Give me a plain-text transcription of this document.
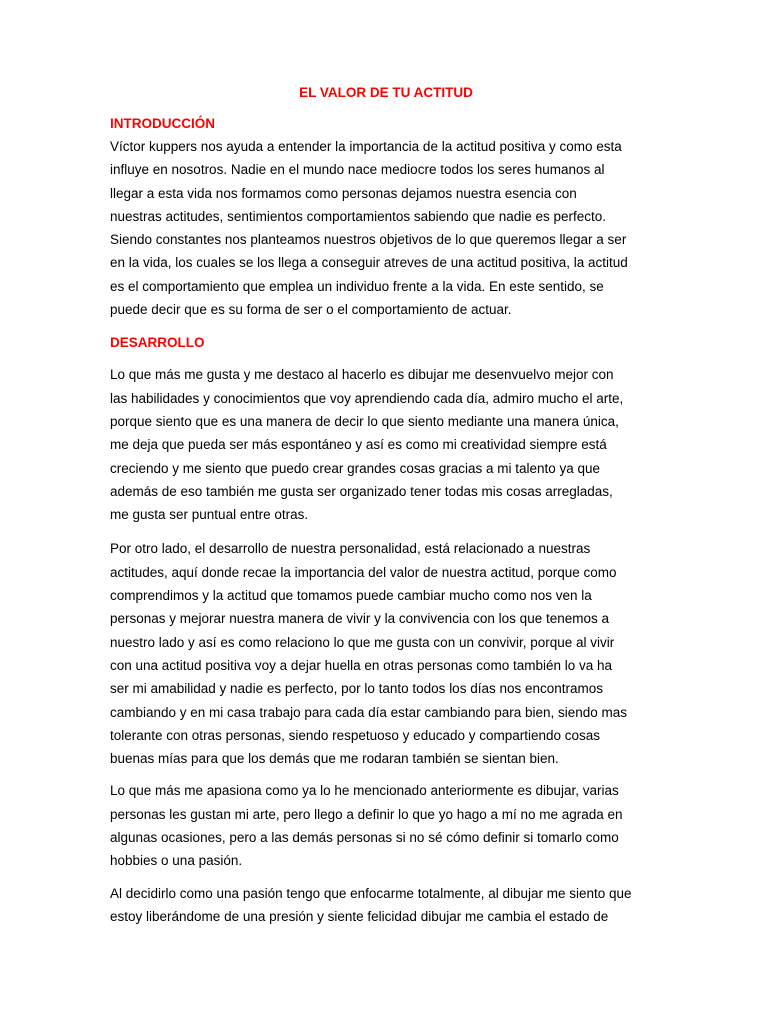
EL VALOR DE TU ACTITUD
INTRODUCCIÓN

Víctor kuppers nos ayuda a entender la importancia de la actitud positiva y como esta
influye en nosotros. Nadie en el mundo nace mediocre todos los seres humanos al
llegar a esta vida nos formamos como personas dejamos nuestra esencia con
nuestras actitudes, sentimientos comportamientos sabiendo que nadie es perfecto.
Siendo constantes nos planteamos nuestros objetivos de lo que queremos llegar a ser
en la vida, los cuales se los llega a conseguir atreves de una actitud positiva, la actitud
es el comportamiento que emplea un individuo frente a la vida. En este sentido, se
puede decir que es su forma de ser o el comportamiento de actuar.

DESARROLLO

Lo que más me gusta y me destaco al hacerlo es dibujar me desenvuelvo mejor con
las habilidades y conocimientos que voy aprendiendo cada día, admiro mucho el arte,
porque siento que es una manera de decir lo que siento mediante una manera única,
me deja que pueda ser más espontáneo y así es como mi creatividad siempre está
creciendo y me siento que puedo crear grandes cosas gracias a mi talento ya que
además de eso también me gusta ser organizado tener todas mis cosas arregladas,
me gusta ser puntual entre otras.

Por otro lado, el desarrollo de nuestra personalidad, está relacionado a nuestras
actitudes, aquí donde recae la importancia del valor de nuestra actitud, porque como
comprendimos y la actitud que tomamos puede cambiar mucho como nos ven la
personas y mejorar nuestra manera de vivir y la convivencia con los que tenemos a
nuestro lado y así es como relaciono lo que me gusta con un convivir, porque al vivir
con una actitud positiva voy a dejar huella en otras personas como también lo va ha
ser mi amabilidad y nadie es perfecto, por lo tanto todos los días nos encontramos
cambiando y en mi casa trabajo para cada día estar cambiando para bien, siendo mas
tolerante con otras personas, siendo respetuoso y educado y compartiendo cosas
buenas mías para que los demás que me rodaran también se sientan bien.

Lo que más me apasiona como ya lo he mencionado anteriormente es dibujar, varias
personas les gustan mi arte, pero llego a definir lo que yo hago a mí no me agrada en
algunas ocasiones, pero a las demás personas si no sé cómo definir si tomarlo como
hobbies o una pasión.

Al decidirlo como una pasión tengo que enfocarme totalmente, al dibujar me siento que
estoy liberándome de una presión y siente felicidad dibujar me cambia el estado de
